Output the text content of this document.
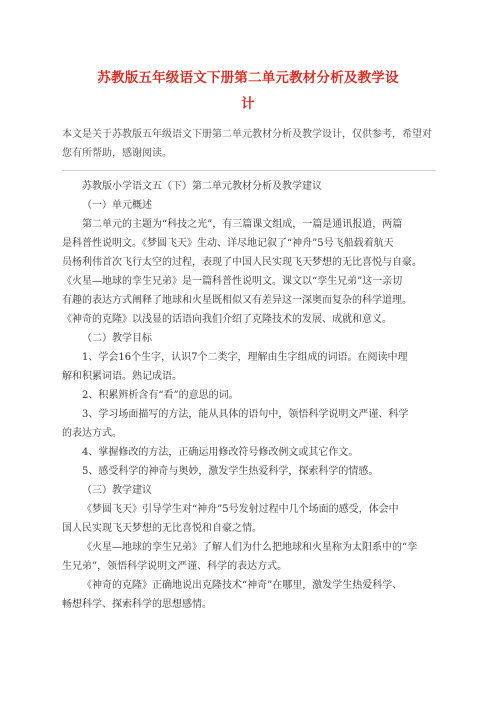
苏教版五年级语文下册第二单元教材分析及教学设
计
本文是关于苏教版五年级语文下册第二单元教材分析及教学设计，仅供参考，希望对您有所帮助，感谢阅读。
苏教版小学语文五（下）第二单元教材分析及教学建议
（一）单元概述
第二单元的主题为“科技之光”，有三篇课文组成，一篇是通讯报道，两篇
是科普性说明文。《梦圆飞天》生动、详尽地记叙了“神舟”5号飞船载着航天
员杨利伟首次飞行太空的过程，表现了中国人民实现飞天梦想的无比喜悦与自豪。
《火星—地球的孪生兄弟》是一篇科普性说明文。课文以“孪生兄弟”这一亲切
有趣的表达方式阐释了地球和火星既相似又有差异这一深奥而复杂的科学道理。
《神奇的克隆》以浅显的话语向我们介绍了克隆技术的发展、成就和意义。
（二）教学目标
1、学会16个生字，认识7个二类字，理解由生字组成的词语。在阅读中理
解和积累词语。熟记成语。
2、积累辨析含有“看”的意思的词。
3、学习场面描写的方法，能从具体的语句中，领悟科学说明文严谨、科学
的表达方式。
4、掌握修改的方法，正确运用修改符号修改例文或其它作文。
5、感受科学的神奇与奥妙，激发学生热爱科学，探索科学的情感。
（三）教学建议
《梦圆飞天》引导学生对“神舟”5号发射过程中几个场面的感受，体会中
国人民实现飞天梦想的无比喜悦和自豪之情。
《火星—地球的孪生兄弟》了解人们为什么把地球和火星称为太阳系中的“孪
生兄弟”，领悟科学说明文严谨、科学的表达方式。
《神奇的克隆》正确地说出克隆技术“神奇”在哪里，激发学生热爱科学、
畅想科学、探索科学的思想感情。
